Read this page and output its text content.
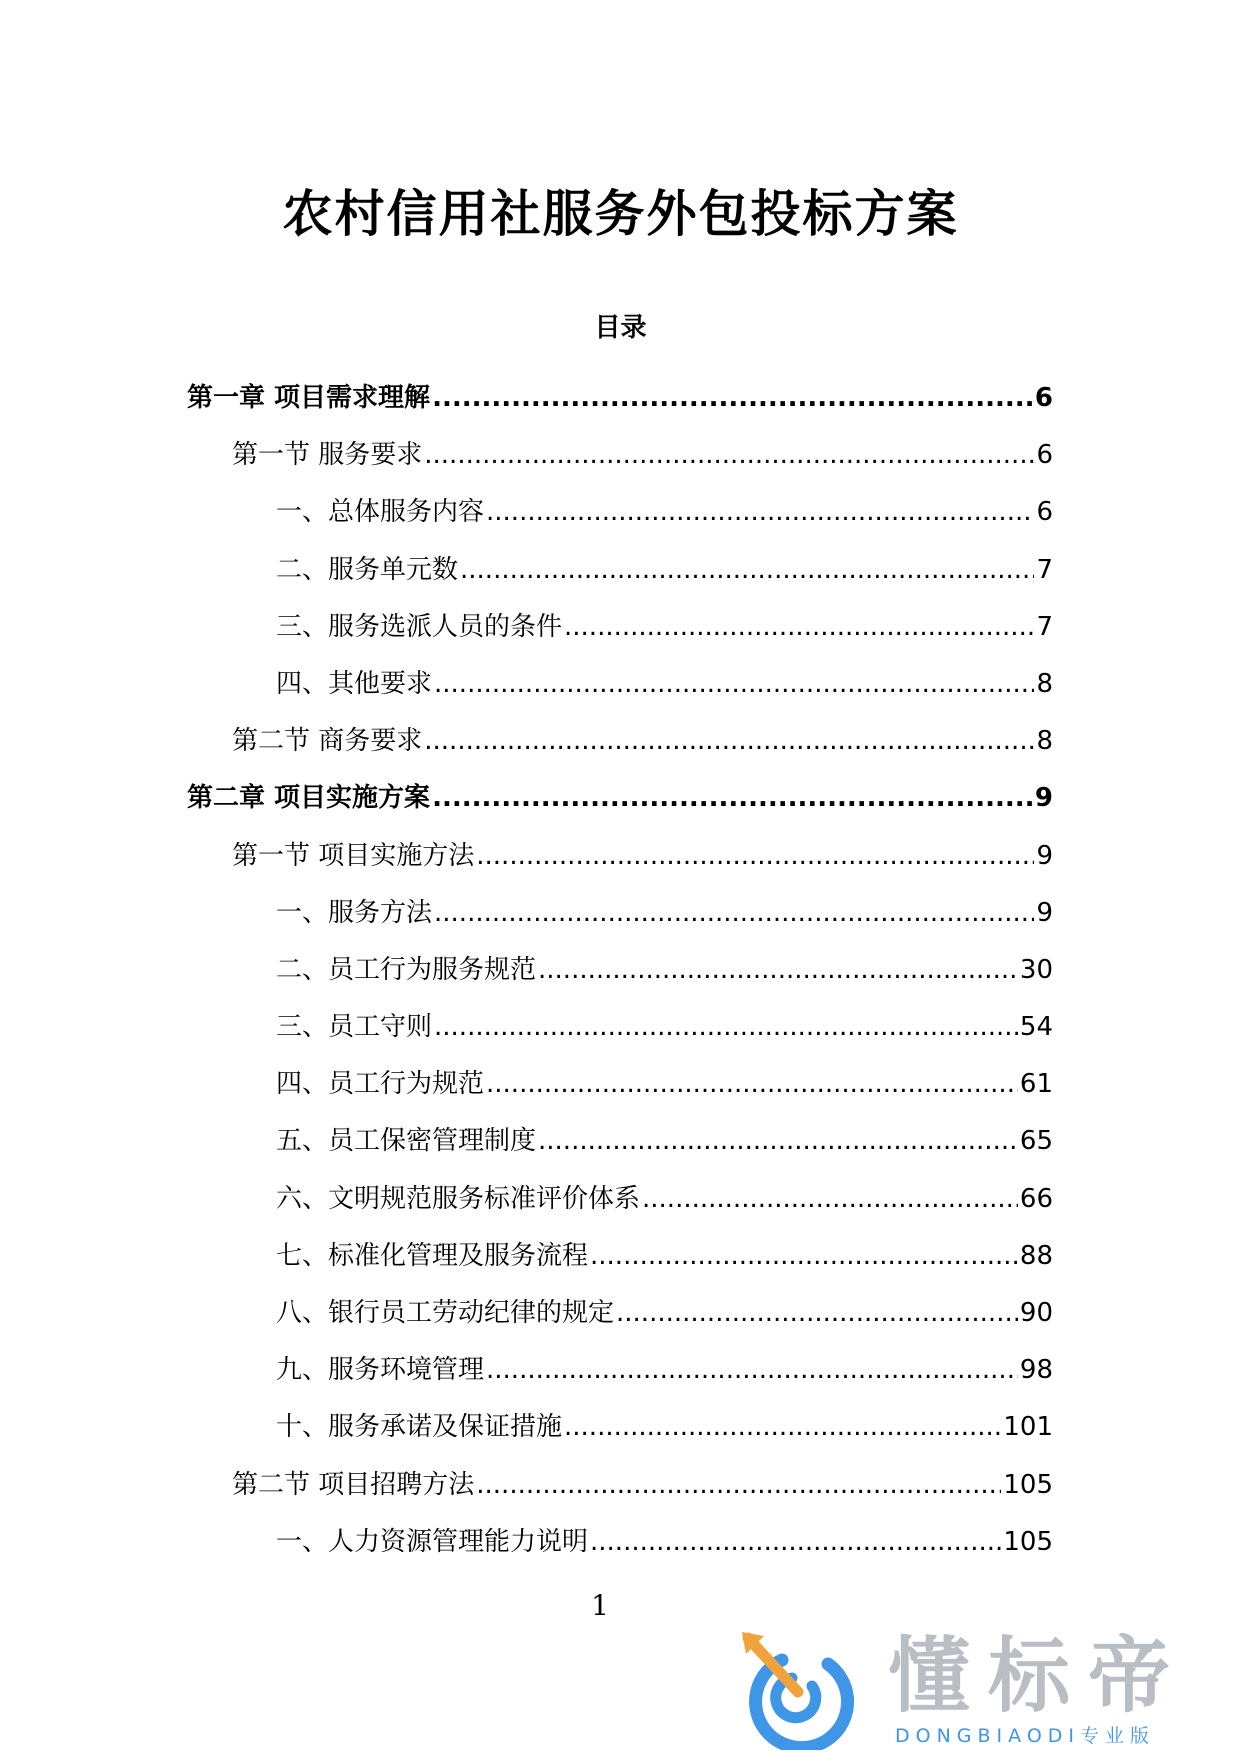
农村信用社服务外包投标方案
目录
第一章 项目需求理解 .....	6
第一节 服务要求 .....	6
一、总体服务内容 .....	6
二、服务单元数 .....	7
三、服务选派人员的条件 .....	7
四、其他要求 .....	8
第二节 商务要求 .....	8
第二章 项目实施方案 .....	9
第一节 项目实施方法 .....	9
一、服务方法 .....	9
二、员工行为服务规范 .....	30
三、员工守则 .....	54
四、员工行为规范 .....	61
五、员工保密管理制度 .....	65
六、文明规范服务标准评价体系 .....	66
七、标准化管理及服务流程 .....	88
八、银行员工劳动纪律的规定 .....	90
九、服务环境管理 .....	98
十、服务承诺及保证措施 .....	101
第二节 项目招聘方法 .....	105
一、人力资源管理能力说明 .....	105
1
懂标帝
DONGBIAODI专业版
